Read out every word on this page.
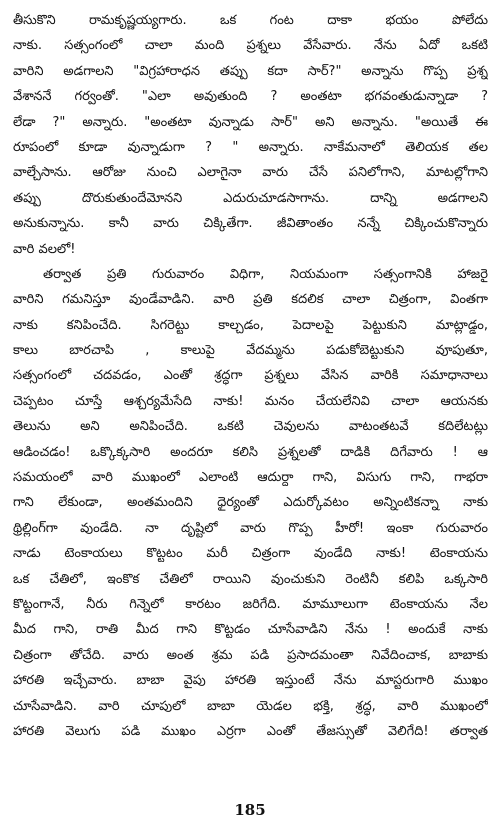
తీసుకొని రామకృష్ణయ్యగారు. ఒక గంట దాకా భయం పోలేదు
నాకు. సత్సంగంలో చాలా మంది ప్రశ్నలు వేసేవారు. నేను ఏదో ఒకటి
వారిని అడగాలని "విగ్రహారాధన తప్పు కదా సార్?" అన్నాను గొప్ప ప్రశ్న
వేశాననే గర్వంతో. "ఎలా అవుతుంది ? అంతటా భగవంతుడున్నాడా ?
లేడా ?" అన్నారు. "అంతటా వున్నాడు సార్" అని అన్నాను. "అయితే ఈ
రూపంలో కూడా వున్నాడుగా ? " అన్నారు. నాకేమనాలో తెలియక తల
వాల్చేసాను. ఆరోజు నుంచి ఎలాగైనా వారు చేసే పనిలోగాని, మాటల్లోగాని
తప్పు దొరుకుతుందేమోనని ఎదురుచూడసాగాను. దాన్ని అడగాలని
అనుకున్నాను. కానీ వారు చిక్కితేగా. జీవితాంతం నన్నే చిక్కించుకొన్నారు
వారి వలలో!
తర్వాత ప్రతి గురువారం విధిగా, నియమంగా సత్సంగానికి హాజరై
వారిని గమనిస్తూ వుండేవాడిని. వారి ప్రతి కదలిక చాలా చిత్రంగా, వింతగా
నాకు కనిపించేది. సిగరెట్టు కాల్చడం, పెదాలపై పెట్టుకుని మాట్లాడ్డం,
కాలు బారచాపి , కాలుపై వేదమ్మను పడుకోబెట్టుకుని వూపుతూ,
సత్సంగంలో చదవడం, ఎంతో శ్రద్ధగా ప్రశ్నలు వేసిన వారికి సమాధానాలు
చెప్పటం చూస్తే ఆశ్చర్యమేసేది నాకు! మనం చేయలేనివి చాలా ఆయనకు
తెలును అని అనిపించేది. ఒకటి చెవులను వాటంతటవే కదిలేటట్లు
ఆడించడం! ఒక్కొక్కసారి అందరూ కలిసి ప్రశ్నలతో దాడికి దిగేవారు ! ఆ
సమయంలో వారి ముఖంలో ఎలాంటి ఆదుర్దా గాని, విసుగు గాని, గాభరా
గాని లేకుండా, అంతమందిని ధైర్యంతో ఎదుర్కోవటం అన్నింటికన్నా నాకు
థ్రిల్లింగ్‌గా వుండేది. నా దృష్టిలో వారు గొప్ప హీరో! ఇంకా గురువారం
నాడు టెంకాయలు కొట్టటం మరీ చిత్రంగా వుండేది నాకు! టెంకాయను
ఒక చేతిలో, ఇంకొక చేతిలో రాయిని వుంచుకుని రెంటినీ కలిపి ఒక్కసారి
కొట్టంగానే, నీరు గిన్నెలో కారటం జరిగేది. మామూలుగా టెంకాయను నేల
మీద గాని, రాతి మీద గాని కొట్టడం చూసేవాడిని నేను ! అందుకే నాకు
చిత్రంగా తోచేది. వారు అంత శ్రమ పడి ప్రసాదమంతా నివేదించాక, బాబాకు
హారతి ఇచ్చేవారు. బాబా వైపు హారతి ఇస్తుంటే నేను మాస్టరుగారి ముఖం
చూసేవాడిని. వారి చూపులో బాబా యెడల భక్తి, శ్రద్ధ, వారి ముఖంలో
హారతి వెలుగు పడి ముఖం ఎర్రగా ఎంతో తేజస్సుతో వెలిగేది! తర్వాత
185
